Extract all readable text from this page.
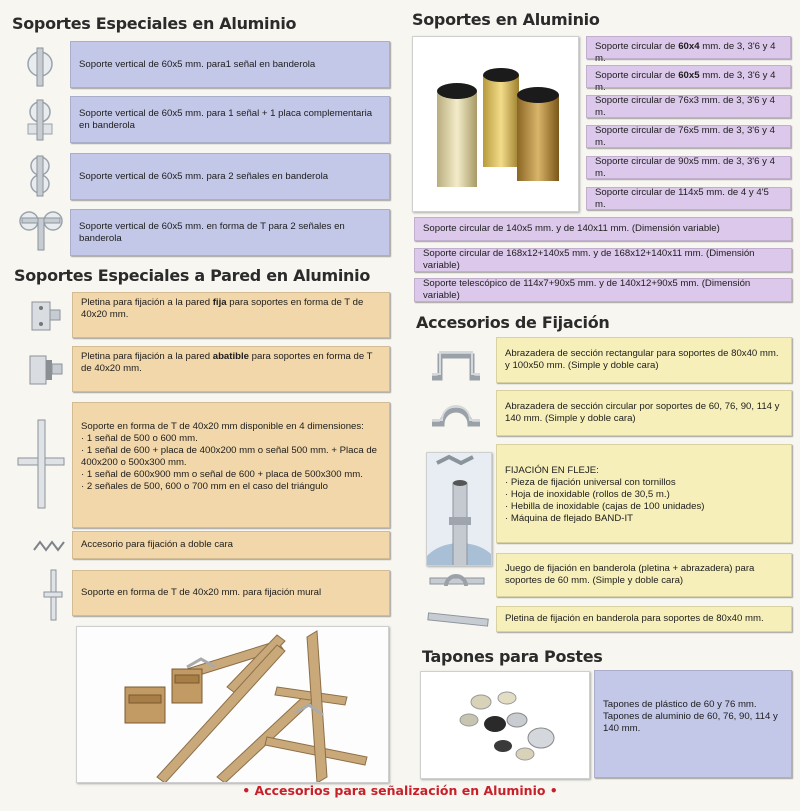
Soportes Especiales en Aluminio
Soporte vertical de 60x5 mm. para1 señal en banderola
Soporte vertical de 60x5 mm. para 1 señal + 1 placa complementaria en banderola
Soporte vertical de 60x5 mm. para 2 señales en banderola
Soporte vertical de 60x5 mm. en forma de T para 2 señales en banderola
Soportes Especiales a Pared en Aluminio
Pletina para fijación a la pared fija para soportes en forma de T de 40x20 mm.
Pletina para fijación a la pared abatible para soportes en forma de T de 40x20 mm.
Soporte en forma de T de 40x20 mm disponible en 4 dimensiones:
· 1 señal de 500 o 600 mm.
· 1 señal de 600 + placa de 400x200 mm o señal 500 mm. + Placa de 400x200 o 500x300 mm.
· 1 señal de 600x900 mm o señal de 600 + placa de 500x300 mm.
· 2 señales de 500, 600 o 700 mm en el caso del triángulo
Accesorio para fijación a doble cara
Soporte en forma de T de 40x20 mm. para fijación mural
Soportes en Aluminio
Soporte circular de 60x4 mm. de 3, 3'6 y 4 m.
Soporte circular de 60x5 mm. de 3, 3'6 y 4 m.
Soporte circular de 76x3 mm. de 3, 3'6 y 4 m.
Soporte circular de 76x5 mm. de 3, 3'6 y 4 m.
Soporte circular de 90x5 mm. de 3, 3'6 y 4 m.
Soporte circular de 114x5 mm. de 4 y 4'5 m.
Soporte circular de 140x5 mm. y de 140x11 mm. (Dimensión variable)
Soporte circular de 168x12+140x5 mm. y de 168x12+140x11 mm. (Dimensión variable)
Soporte telescópico de 114x7+90x5 mm. y de 140x12+90x5 mm. (Dimensión variable)
Accesorios de Fijación
Abrazadera de sección rectangular para soportes de 80x40 mm. y 100x50 mm. (Simple y doble cara)
Abrazadera de sección circular por soportes de 60, 76, 90, 114 y 140 mm. (Simple y doble cara)
FIJACIÓN EN FLEJE:
· Pieza de fijación universal con tornillos
· Hoja de inoxidable (rollos de 30,5 m.)
· Hebilla de inoxidable (cajas de 100 unidades)
· Máquina de flejado BAND-IT
Juego de fijación en banderola (pletina + abrazadera) para soportes de 60 mm. (Simple y doble cara)
Pletina de fijación en banderola para soportes de 80x40 mm.
Tapones para Postes
Tapones de plástico de 60 y 76 mm.
Tapones de aluminio de 60, 76, 90, 114 y 140 mm.
• Accesorios para señalización en Aluminio •
